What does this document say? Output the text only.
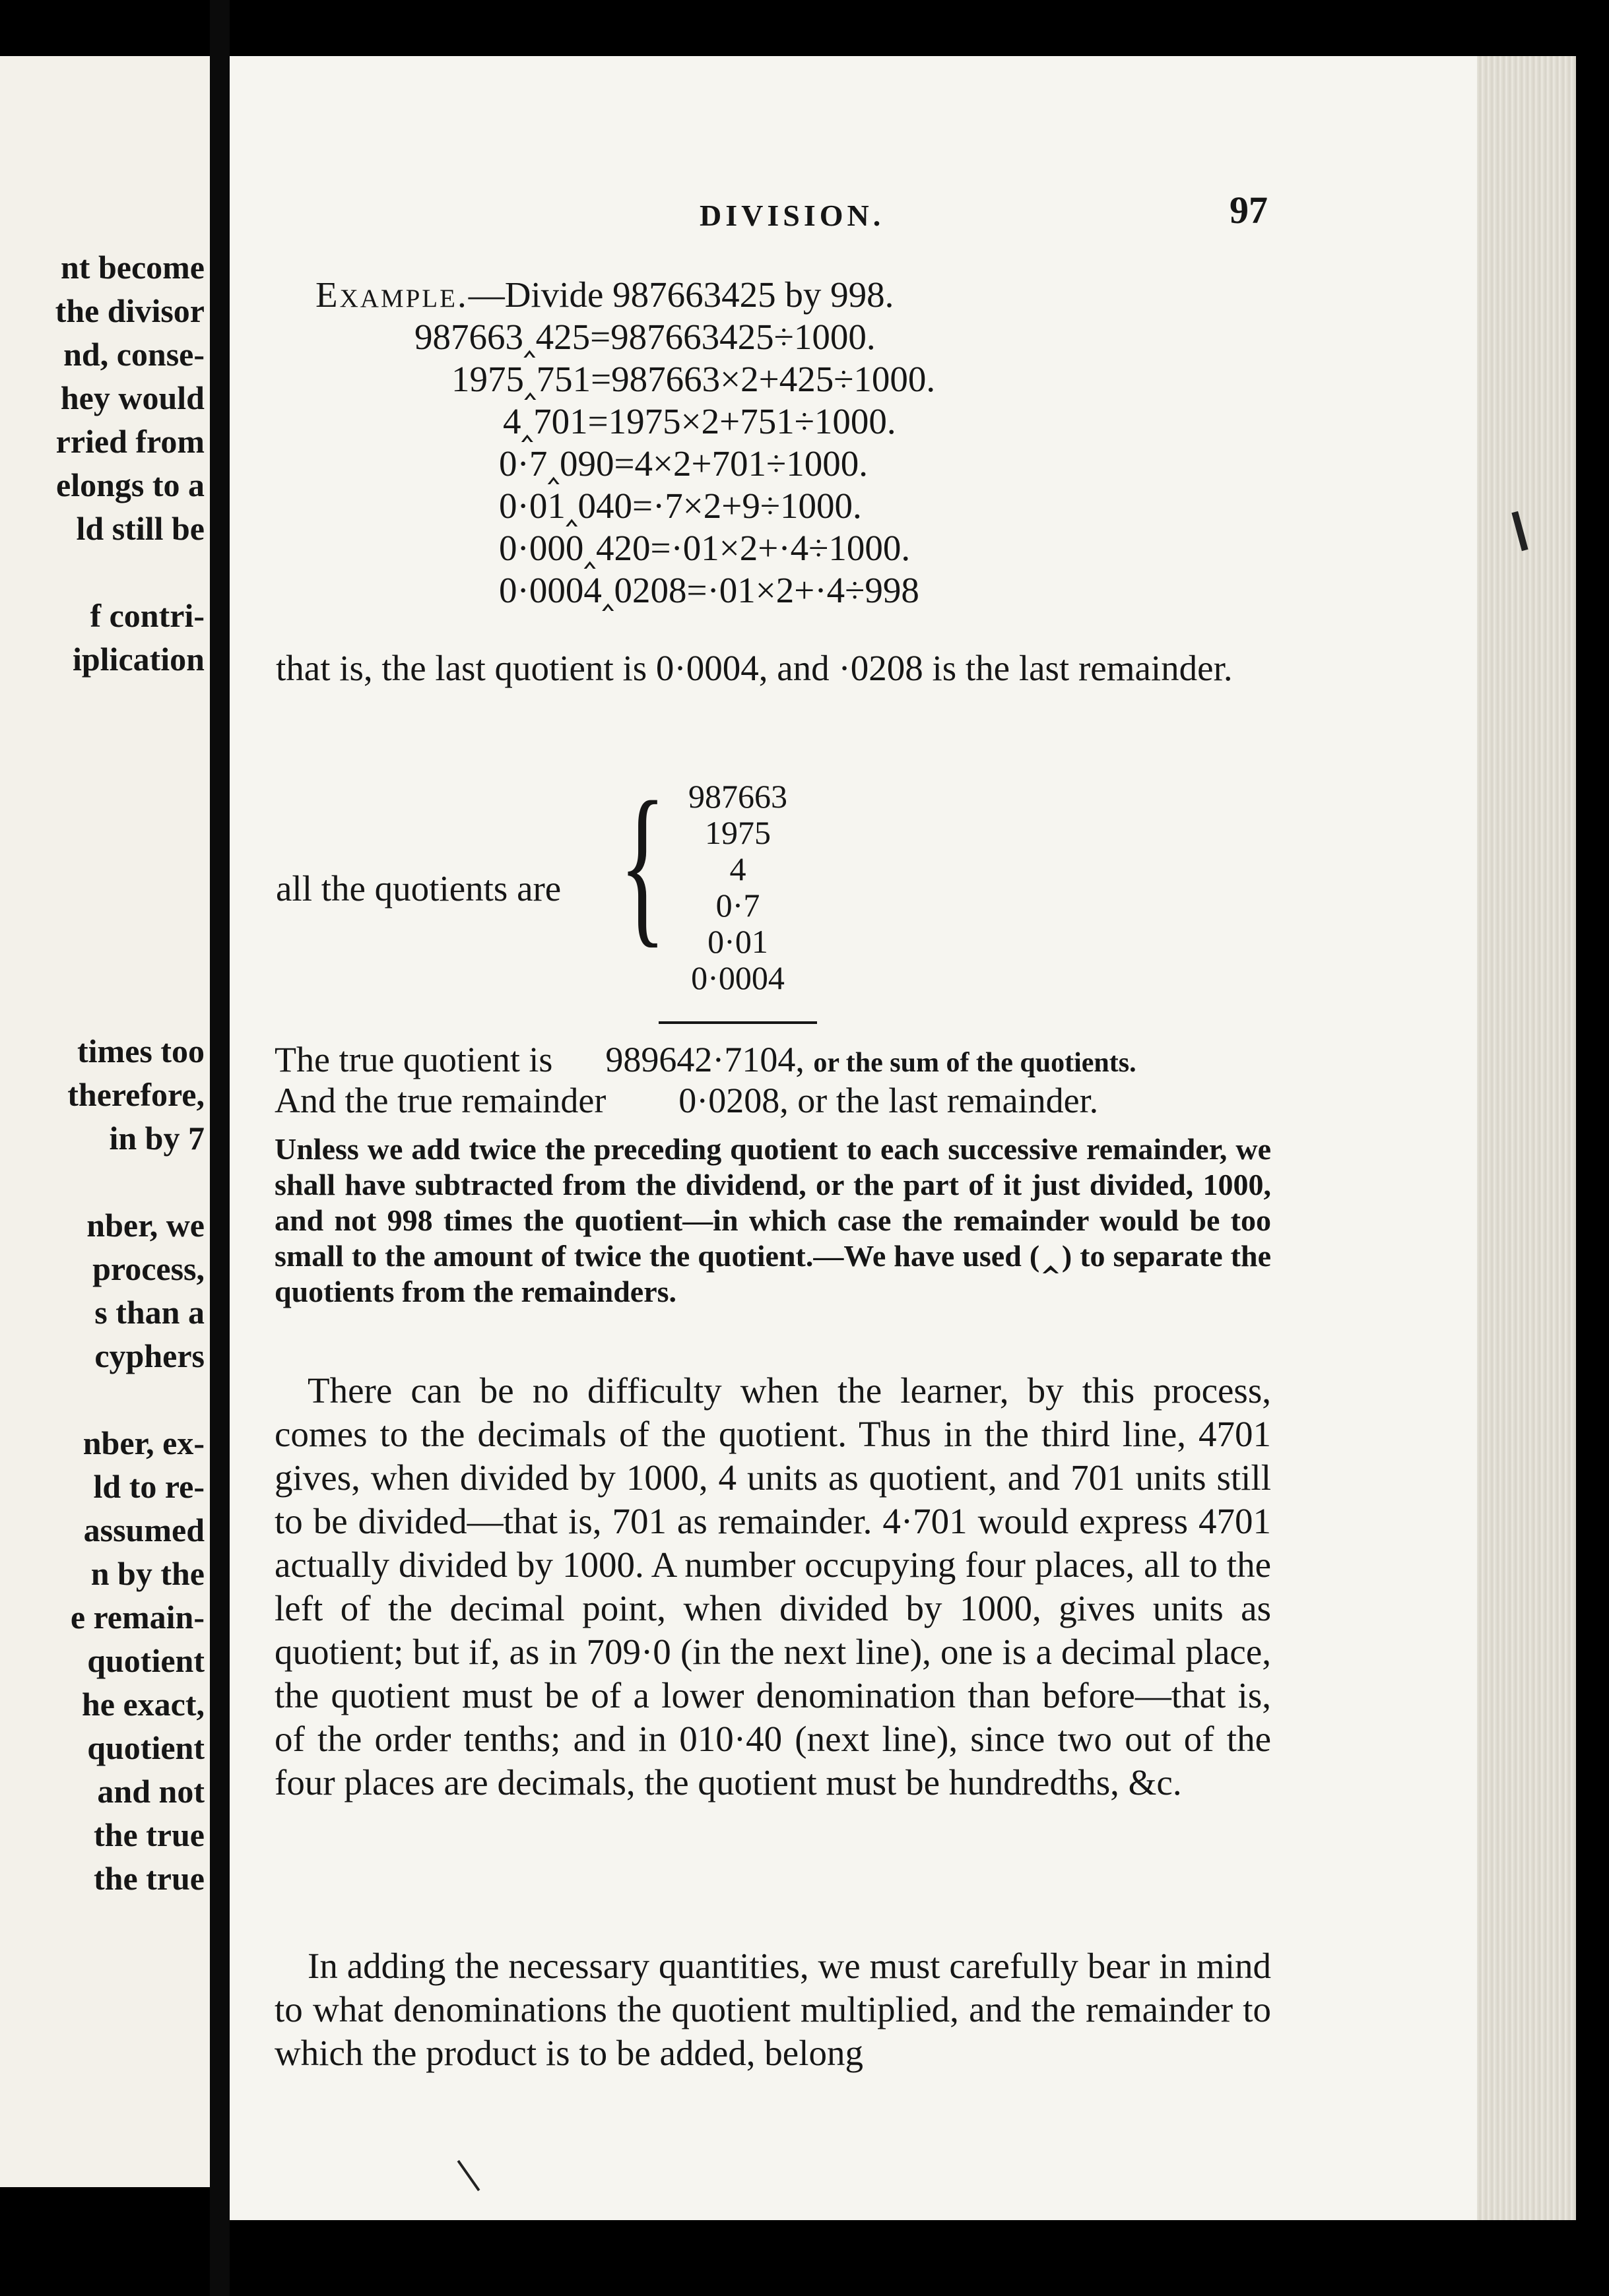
nt become
the divisor
nd, conse-
hey would
rried from
elongs to a
ld still be
f contri-
iplication
times too
therefore,
in by 7
nber, we
process,
s than a
cyphers
nber, ex-
ld to re-
assumed
n by the
e remain-
quotient
he exact,
quotient
and not
the true
the true
DIVISION.	97
Example.—Divide 987663425 by 998.
987663‸425=987663425÷1000.
1975‸751=987663×2+425÷1000.
4‸701=1975×2+751÷1000.
0·7‸090=4×2+701÷1000.
0·01‸040=·7×2+9÷1000.
0·000‸420=·01×2+·4÷1000.
0·0004‸0208=·01×2+·4÷998
that is, the last quotient is 0·0004, and ·0208 is the last remainder.
all the quotients are { 987663
1975
4
0·7
0·01
0·0004
The true quotient is 989642·7104, or the sum of the quotients.
And the true remainder 0·0208, or the last remainder.
Unless we add twice the preceding quotient to each successive remainder, we shall have subtracted from the dividend, or the part of it just divided, 1000, and not 998 times the quotient—in which case the remainder would be too small to the amount of twice the quotient.—We have used (‸) to separate the quotients from the remainders.
There can be no difficulty when the learner, by this process, comes to the decimals of the quotient. Thus in the third line, 4701 gives, when divided by 1000, 4 units as quotient, and 701 units still to be divided—that is, 701 as remainder. 4·701 would express 4701 actually divided by 1000. A number occupying four places, all to the left of the decimal point, when divided by 1000, gives units as quotient; but if, as in 709·0 (in the next line), one is a decimal place, the quotient must be of a lower denomination than before—that is, of the order tenths; and in 010·40 (next line), since two out of the four places are decimals, the quotient must be hundredths, &c.
In adding the necessary quantities, we must carefully bear in mind to what denominations the quotient multiplied, and the remainder to which the product is to be added, belong
